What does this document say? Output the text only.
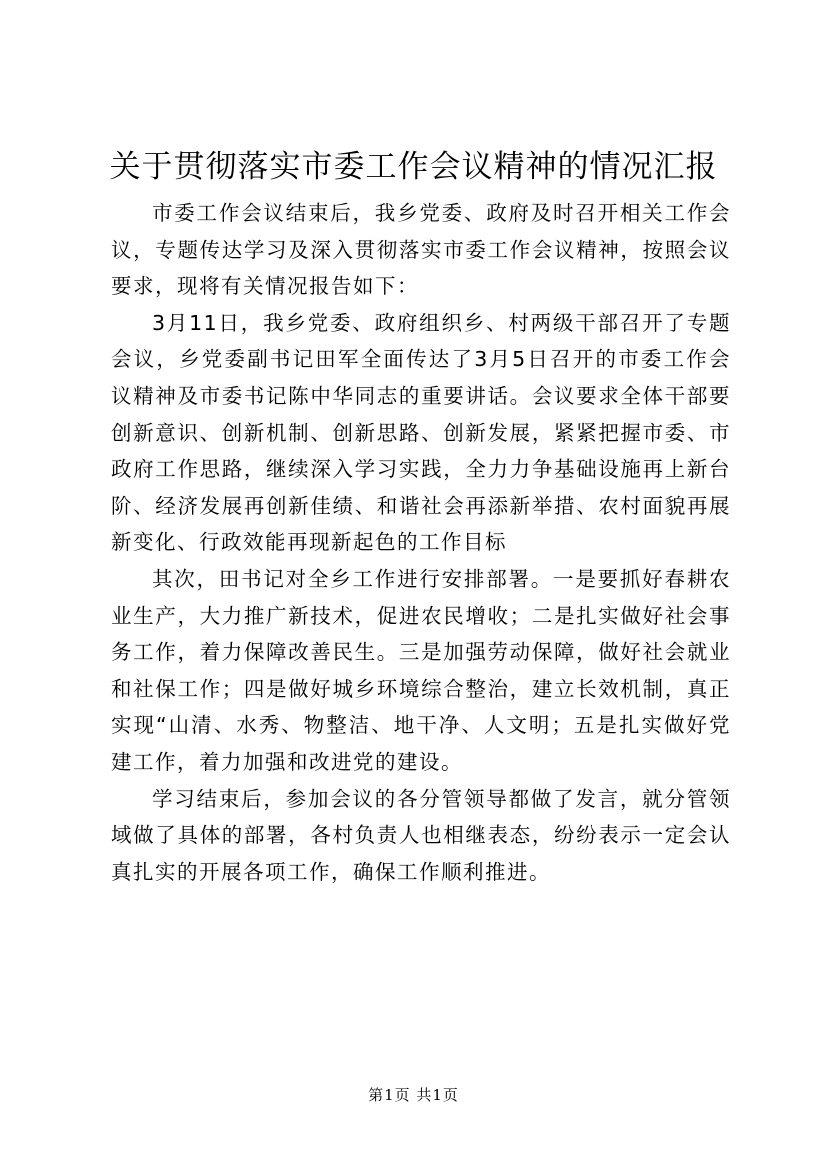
关于贯彻落实市委工作会议精神的情况汇报

市委工作会议结束后，我乡党委、政府及时召开相关工作会议，专题传达学习及深入贯彻落实市委工作会议精神，按照会议要求，现将有关情况报告如下：

3月11日，我乡党委、政府组织乡、村两级干部召开了专题会议，乡党委副书记田军全面传达了3月5日召开的市委工作会议精神及市委书记陈中华同志的重要讲话。会议要求全体干部要创新意识、创新机制、创新思路、创新发展，紧紧把握市委、市政府工作思路，继续深入学习实践，全力力争基础设施再上新台阶、经济发展再创新佳绩、和谐社会再添新举措、农村面貌再展新变化、行政效能再现新起色的工作目标

其次，田书记对全乡工作进行安排部署。一是要抓好春耕农业生产，大力推广新技术，促进农民增收；二是扎实做好社会事务工作，着力保障改善民生。三是加强劳动保障，做好社会就业和社保工作；四是做好城乡环境综合整治，建立长效机制，真正实现“山清、水秀、物整洁、地干净、人文明；五是扎实做好党建工作，着力加强和改进党的建设。

学习结束后，参加会议的各分管领导都做了发言，就分管领域做了具体的部署，各村负责人也相继表态，纷纷表示一定会认真扎实的开展各项工作，确保工作顺利推进。

第1页 共1页
